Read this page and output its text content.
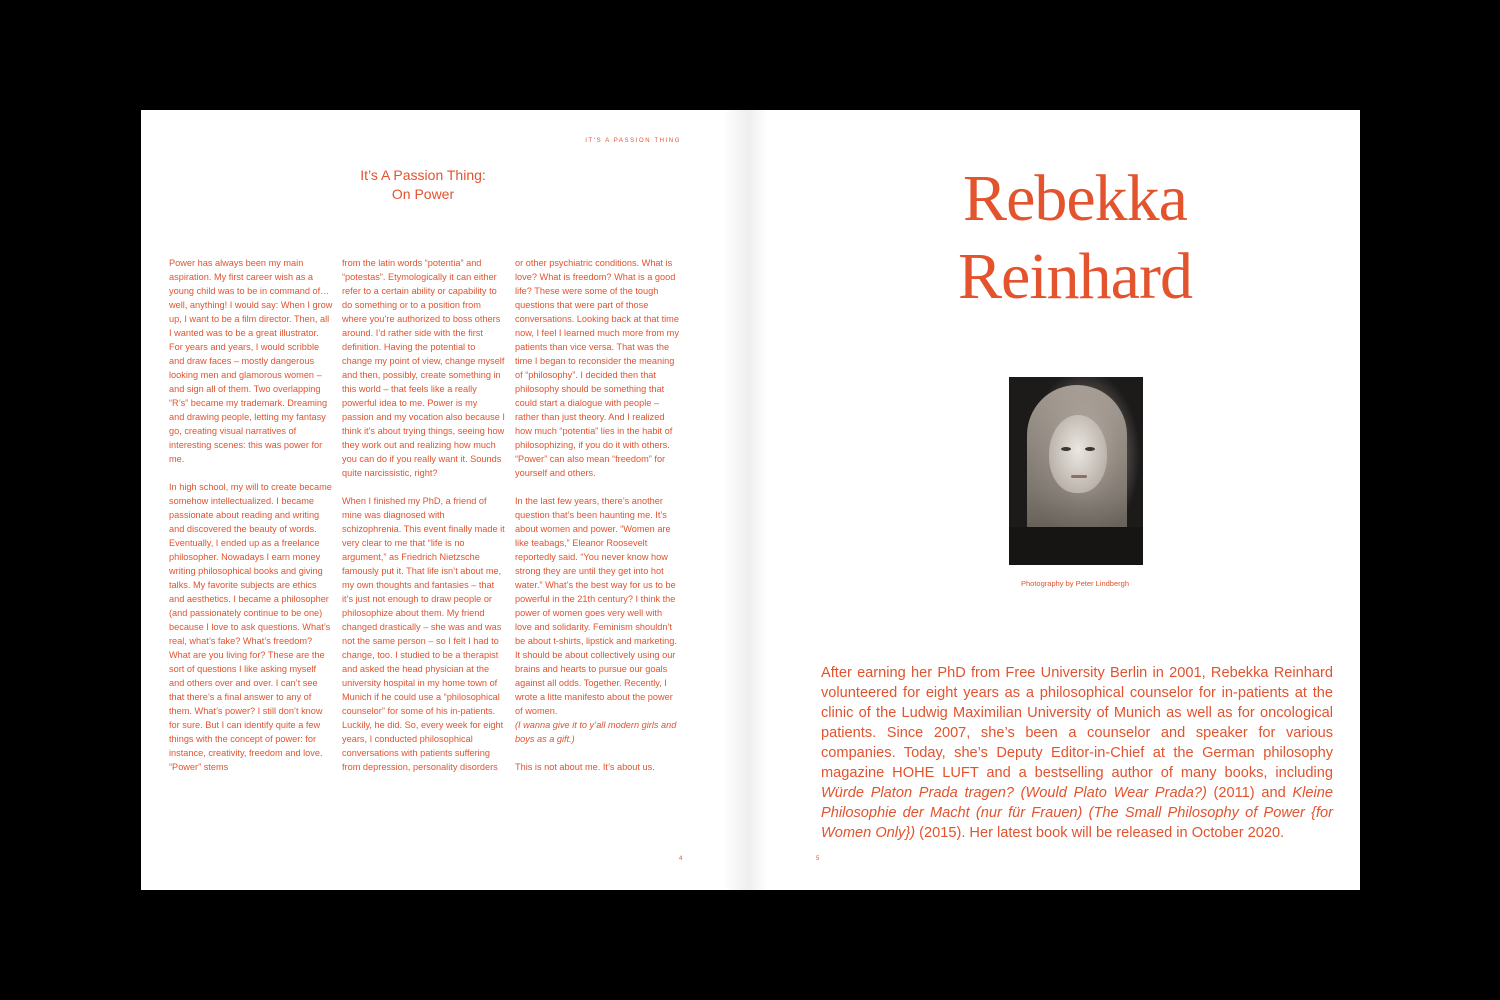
IT’S A PASSION THING
It’s A Passion Thing:
On Power

Power has always been my main aspiration. My first career wish as a young child was to be in command of… well, anything! I would say: When I grow up, I want to be a film director. Then, all I wanted was to be a great illustrator. For years and years, I would scribble and draw faces – mostly dangerous looking men and glamorous women – and sign all of them. Two overlapping “R’s” became my trademark. Dreaming and drawing people, letting my fantasy go, creating visual narratives of interesting scenes: this was power for me.

In high school, my will to create became somehow intellectualized. I became passionate about reading and writing and discovered the beauty of words. Eventually, I ended up as a freelance philosopher. Nowadays I earn money writing philosophical books and giving talks. My favorite subjects are ethics and aesthetics. I became a philosopher (and passionately continue to be one) because I love to ask questions. What’s real, what’s fake? What’s freedom? What are you living for? These are the sort of questions I like asking myself and others over and over. I can’t see that there’s a final answer to any of them. What’s power? I still don’t know for sure. But I can identify quite a few things with the concept of power: for instance, creativity, freedom and love. “Power” stems

from the latin words “potentia” and “potestas”. Etymologically it can either refer to a certain ability or capability to do something or to a position from where you’re authorized to boss others around. I’d rather side with the first definition. Having the potential to change my point of view, change myself and then, possibly, create something in this world – that feels like a really powerful idea to me. Power is my passion and my vocation also because I think it’s about trying things, seeing how they work out and realizing how much you can do if you really want it. Sounds quite narcissistic, right?

When I finished my PhD, a friend of mine was diagnosed with schizophrenia. This event finally made it very clear to me that “life is no argument,” as Friedrich Nietzsche famously put it. That life isn’t about me, my own thoughts and fantasies – that it’s just not enough to draw people or philosophize about them. My friend changed drastically – she was and was not the same person – so I felt I had to change, too. I studied to be a therapist and asked the head physician at the university hospital in my home town of Munich if he could use a “philosophical counselor” for some of his in-patients. Luckily, he did. So, every week for eight years, I conducted philosophical conversations with patients suffering from depression, personality disorders

or other psychiatric conditions. What is love? What is freedom? What is a good life? These were some of the tough questions that were part of those conversations. Looking back at that time now, I feel I learned much more from my patients than vice versa. That was the time I began to reconsider the meaning of “philosophy”. I decided then that philosophy should be something that could start a dialogue with people – rather than just theory. And I realized how much “potentia” lies in the habit of philosophizing, if you do it with others. “Power” can also mean “freedom” for yourself and others.

In the last few years, there’s another question that’s been haunting me. It’s about women and power. “Women are like teabags,” Eleanor Roosevelt reportedly said. “You never know how strong they are until they get into hot water.” What’s the best way for us to be powerful in the 21th century? I think the power of women goes very well with love and solidarity. Feminism shouldn’t be about t-shirts, lipstick and marketing. It should be about collectively using our brains and hearts to pursue our goals against all odds. Together. Recently, I wrote a litte manifesto about the power of women.
(I wanna give it to y’all modern girls and boys as a gift.)

This is not about me. It’s about us.

4
Rebekka
Reinhard
Photography by Peter Lindbergh

After earning her PhD from Free University Berlin in 2001, Rebekka Reinhard volunteered for eight years as a philosophical counselor for in-patients at the clinic of the Ludwig Maximilian University of Munich as well as for oncological patients. Since 2007, she’s been a counselor and speaker for various companies. Today, she’s Deputy Editor-in-Chief at the German philosophy magazine HOHE LUFT and a bestselling author of many books, including Würde Platon Prada tragen? (Would Plato Wear Prada?) (2011) and Kleine Philosophie der Macht (nur für Frauen) (The Small Philosophy of Power {for Women Only}) (2015). Her latest book will be released in October 2020.

5
